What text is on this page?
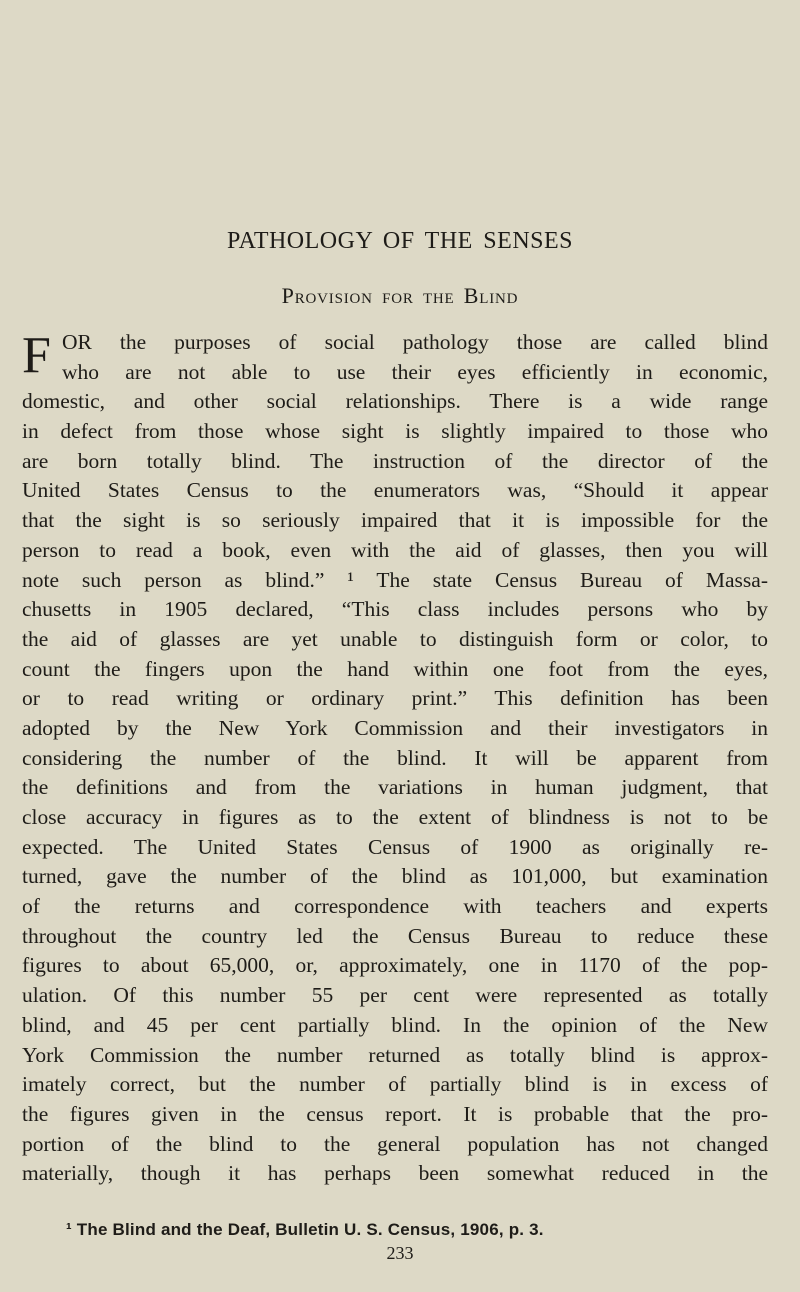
PATHOLOGY OF THE SENSES
Provision for the Blind
F OR the purposes of social pathology those are called blind
who are not able to use their eyes efficiently in economic,
domestic, and other social relationships. There is a wide range
in defect from those whose sight is slightly impaired to those who
are born totally blind. The instruction of the director of the
United States Census to the enumerators was, “Should it appear
that the sight is so seriously impaired that it is impossible for the
person to read a book, even with the aid of glasses, then you will
note such person as blind.” ¹ The state Census Bureau of Massa-
chusetts in 1905 declared, “This class includes persons who by
the aid of glasses are yet unable to distinguish form or color, to
count the fingers upon the hand within one foot from the eyes,
or to read writing or ordinary print.” This definition has been
adopted by the New York Commission and their investigators in
considering the number of the blind. It will be apparent from
the definitions and from the variations in human judgment, that
close accuracy in figures as to the extent of blindness is not to be
expected. The United States Census of 1900 as originally re-
turned, gave the number of the blind as 101,000, but examination
of the returns and correspondence with teachers and experts
throughout the country led the Census Bureau to reduce these
figures to about 65,000, or, approximately, one in 1170 of the pop-
ulation. Of this number 55 per cent were represented as totally
blind, and 45 per cent partially blind. In the opinion of the New
York Commission the number returned as totally blind is approx-
imately correct, but the number of partially blind is in excess of
the figures given in the census report. It is probable that the pro-
portion of the blind to the general population has not changed
materially, though it has perhaps been somewhat reduced in the
¹ The Blind and the Deaf, Bulletin U. S. Census, 1906, p. 3.
233
